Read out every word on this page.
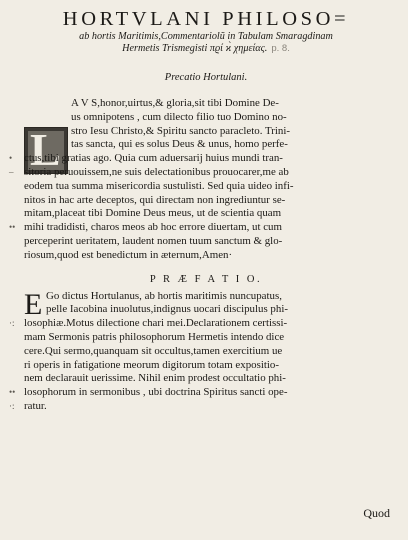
HORTVLANI PHILOSO=
ab hortis Maritimis,Commentariolũ in Tabulam Smaragdinam
Hermetis Trismegisti πϱί ϰ̀ χημείας. p. 8.
Precatio Hortulani.
L
A V S,honor,uirtus,& gloria,sit tibi Domine De-
us omnipotens , cum dilecto filio tuo Domino no-
stro Iesu Christo,& Spiritu sancto paracleto. Trini-
tas sancta, qui es solus Deus & unus, homo perfe-
• ctus,tibi gratias ago. Quia cum aduersarij huius mundi tran-
– sitoria peruouissem,ne suis delectationibus prouocarer,me ab
eodem tua summa misericordia sustulisti. Sed quia uideo infi-
nitos in hac arte deceptos, qui directam non ingrediuntur se-
mitam,placeat tibi Domine Deus meus, ut de scientia quam
•• mihi tradidisti, charos meos ab hoc errore diuertam, ut cum
perceperint ueritatem, laudent nomen tuum sanctum & glo-
riosum,quod est benedictum in æternum,Amen·
P R Æ F A T I O.
E Go dictus Hortulanus, ab hortis maritimis nuncupatus,
pelle Iacobina inuolutus,indignus uocari discipulus phi-
·: losophiæ.Motus dilectione chari mei.Declarationem certissi-
mam Sermonis patris philosophorum Hermetis intendo dice
cere.Qui sermo,quanquam sit occultus,tamen exercitium ue
ri operis in fatigatione meorum digitorum totam expositio-
nem declarauit uerissime. Nihil enim prodest occultatio phi-
•• losophorum in sermonibus , ubi doctrina Spiritus sancti ope-
·: ratur.
Quod
